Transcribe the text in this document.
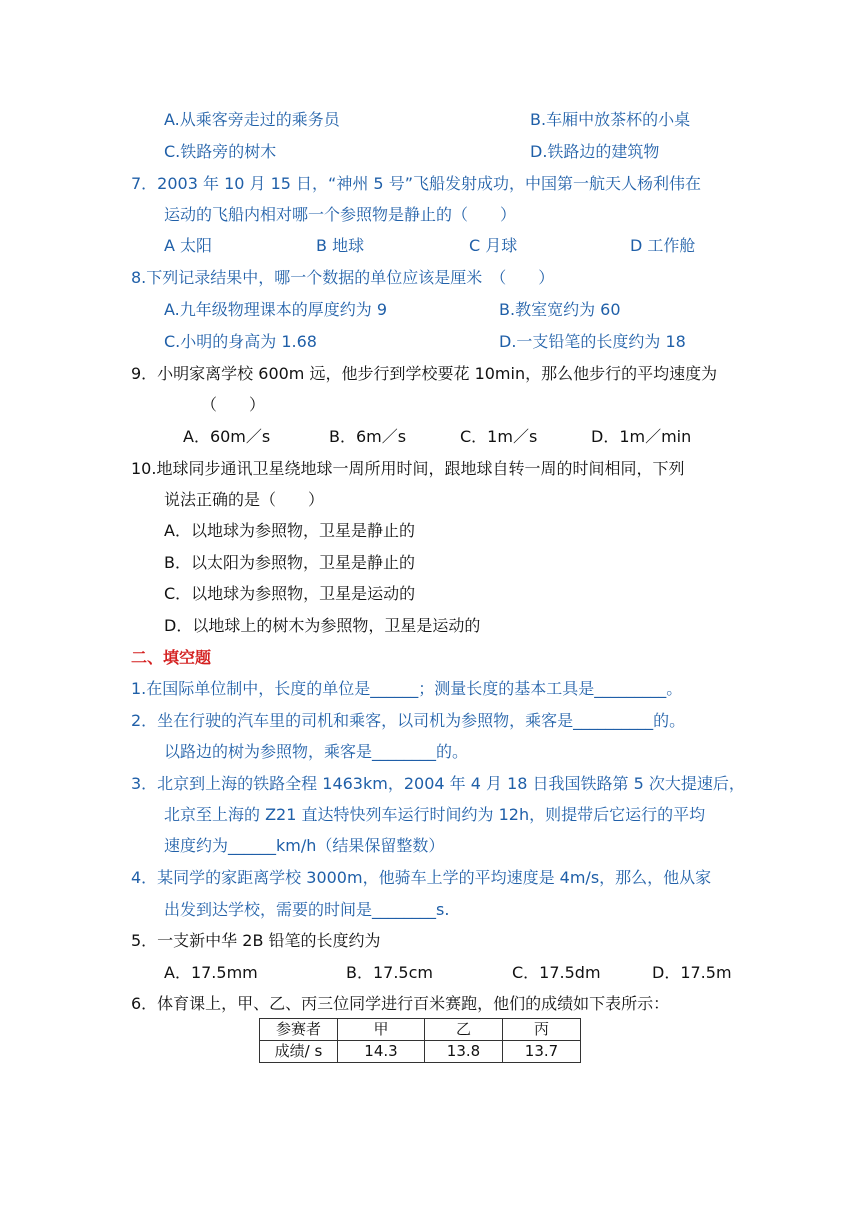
A.从乘客旁走过的乘务员	B.车厢中放茶杯的小桌
C.铁路旁的树木	D.铁路边的建筑物
7．2003 年 10 月 15 日，“神州 5 号”飞船发射成功，中国第一航天人杨利伟在
运动的飞船内相对哪一个参照物是静止的（　　）
A 太阳	B 地球	C 月球	D 工作舱
8.下列记录结果中，哪一个数据的单位应该是厘米　（　　）
A.九年级物理课本的厚度约为 9	B.教室宽约为 60
C.小明的身高为 1.68	D.一支铅笔的长度约为 18
9．小明家离学校 600m 远，他步行到学校要花 10min，那么他步行的平均速度为
（　　）
A．60m／s	B．6m／s	C．1m／s	D．1m／min
10.地球同步通讯卫星绕地球一周所用时间，跟地球自转一周的时间相同，下列
说法正确的是（　　）
A．以地球为参照物，卫星是静止的
B．以太阳为参照物，卫星是静止的
C．以地球为参照物，卫星是运动的
D．以地球上的树木为参照物，卫星是运动的
二、填空题
1.在国际单位制中，长度的单位是______；测量长度的基本工具是_________。
2．坐在行驶的汽车里的司机和乘客，以司机为参照物，乘客是__________的。
以路边的树为参照物，乘客是________的。
3．北京到上海的铁路全程 1463km，2004 年 4 月 18 日我国铁路第 5 次大提速后，
北京至上海的 Z21 直达特快列车运行时间约为 12h，则提带后它运行的平均
速度约为______km/h（结果保留整数）
4．某同学的家距离学校 3000m，他骑车上学的平均速度是 4m/s，那么，他从家
出发到达学校，需要的时间是________s.
5．一支新中华 2B 铅笔的长度约为
A．17.5mm	B．17.5cm	C．17.5dm	D．17.5m
6．体育课上，甲、乙、丙三位同学进行百米赛跑，他们的成绩如下表所示：
参赛者	甲	乙	丙
成绩/ s	14.3	13.8	13.7
